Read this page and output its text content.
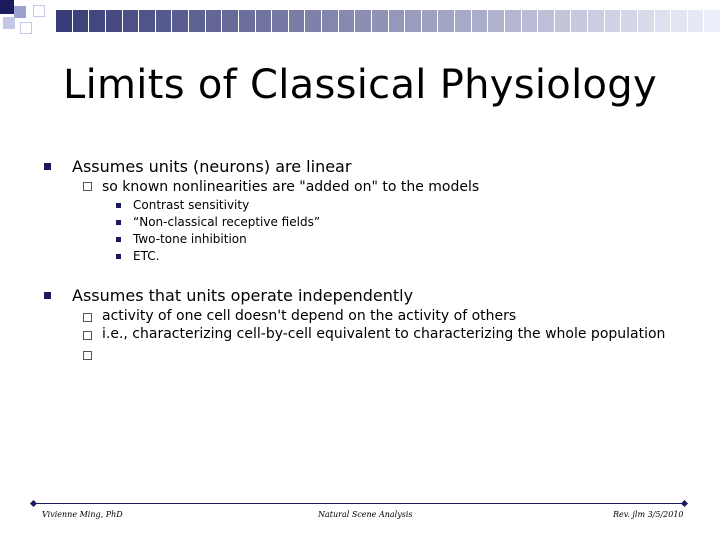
Limits of Classical Physiology
Assumes units (neurons) are linear
so known nonlinearities are "added on" to the models
Contrast sensitivity
“Non-classical receptive fields”
Two-tone inhibition
ETC.
Assumes that units operate independently
activity of one cell doesn't depend on the activity of others
i.e., characterizing cell-by-cell equivalent to characterizing the whole population
Vivienne Ming, PhD	Natural Scene Analysis	Rev. jlm 3/5/2010
